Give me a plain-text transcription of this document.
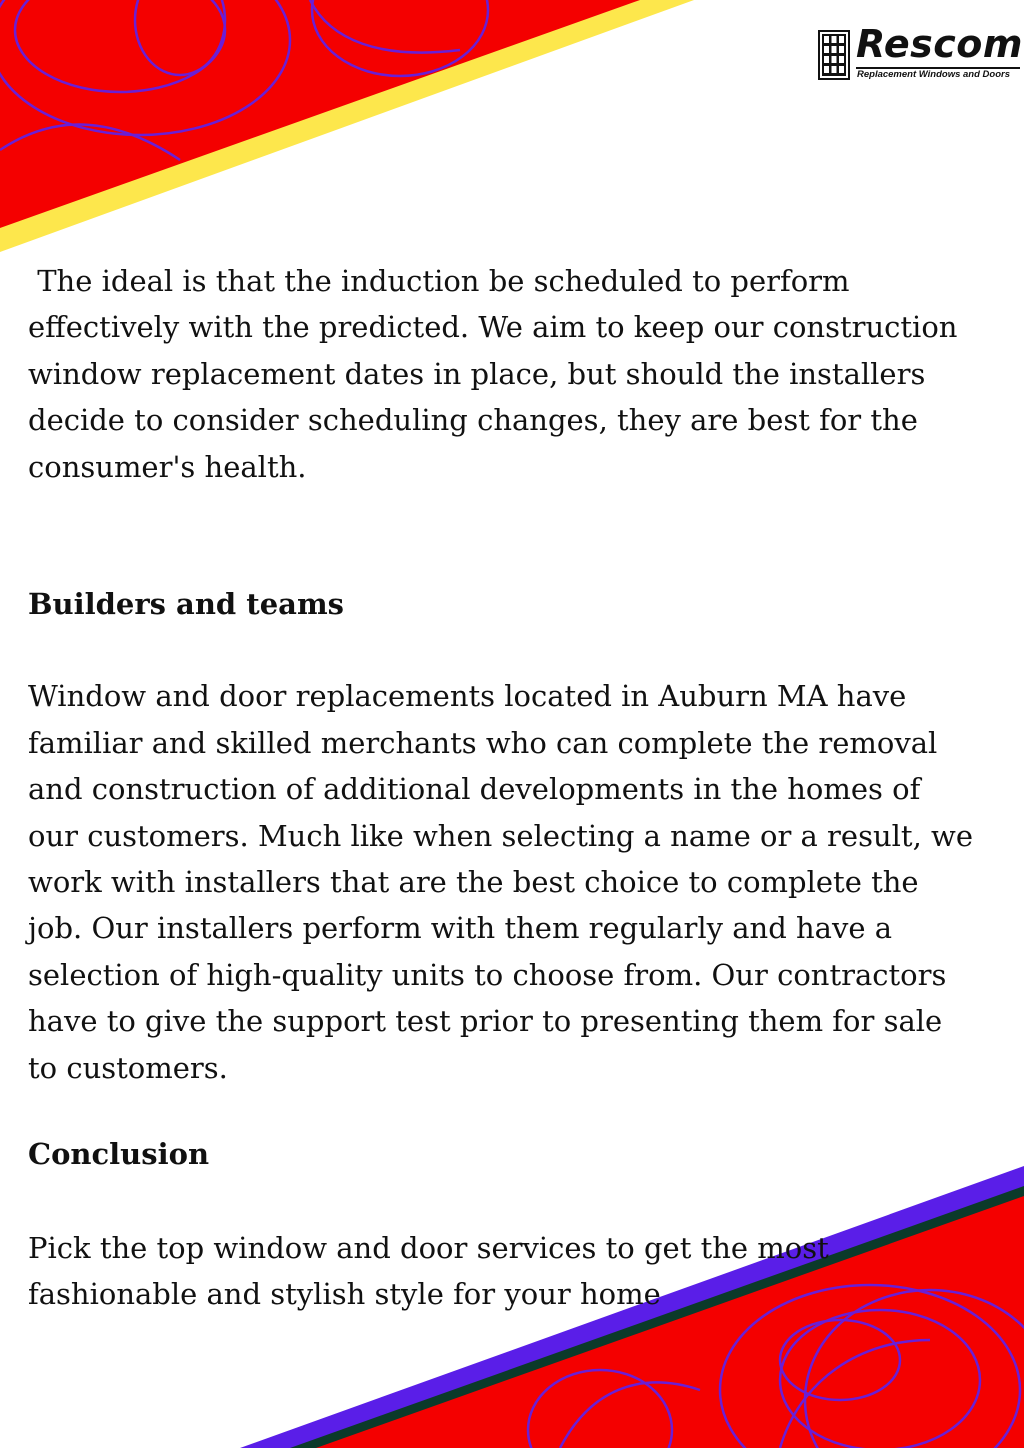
Rescom
Replacement Windows and Doors

The ideal is that the induction be scheduled to perform effectively with the predicted. We aim to keep our construction window replacement dates in place, but should the installers decide to consider scheduling changes, they are best for the consumer's health.

Builders and teams

Window and door replacements located in Auburn MA have familiar and skilled merchants who can complete the removal and construction of additional developments in the homes of our customers. Much like when selecting a name or a result, we work with installers that are the best choice to complete the job. Our installers perform with them regularly and have a selection of high-quality units to choose from. Our contractors have to give the support test prior to presenting them for sale to customers.

Conclusion

Pick the top window and door services to get the most fashionable and stylish style for your home
